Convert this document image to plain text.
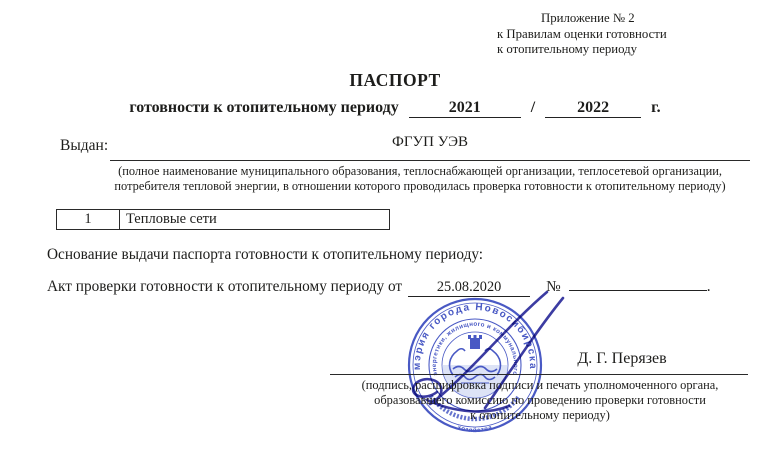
Приложение № 2
к Правилам оценки готовности
к отопительному периоду
ПАСПОРТ
готовности к отопительному периоду	2021	/	2022	г.
Выдан:	ФГУП УЭВ
(полное наименование муниципального образования, теплоснабжающей организации, теплосетевой организации,
потребителя тепловой энергии, в отношении которого проводилась проверка готовности к отопительному периоду)
1	Тепловые сети
Основание выдачи паспорта готовности к отопительному периоду:
Акт проверки готовности к отопительному периоду от	25.08.2020	№	.
мэрия города Новосибирска
энергетики, жилищного и коммунального
хозяйства
Д. Г. Перязев
(подпись, расшифровка подписи и печать уполномоченного органа,
образовавшего комиссию по проведению проверки готовности
к отопительному периоду)
